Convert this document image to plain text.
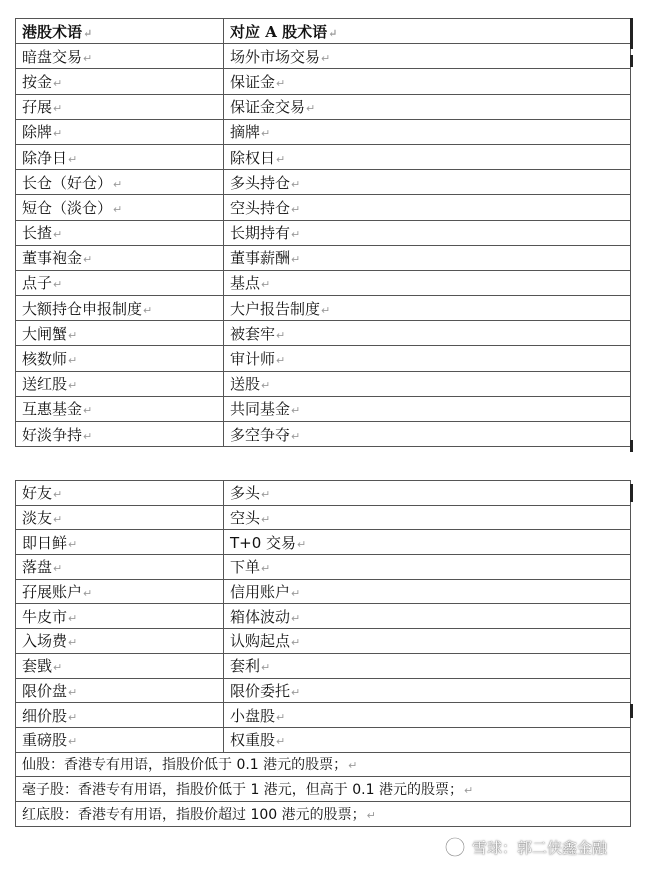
港股术语↵	对应 A 股术语↵
暗盘交易↵	场外市场交易↵
按金↵	保证金↵
孖展↵	保证金交易↵
除牌↵	摘牌↵
除净日↵	除权日↵
长仓（好仓）↵	多头持仓↵
短仓（淡仓）↵	空头持仓↵
长揸↵	长期持有↵
董事袍金↵	董事薪酬↵
点子↵	基点↵
大额持仓申报制度↵	大户报告制度↵
大闸蟹↵	被套牢↵
核数师↵	审计师↵
送红股↵	送股↵
互惠基金↵	共同基金↵
好淡争持↵	多空争夺↵
好友↵	多头↵
淡友↵	空头↵
即日鲜↵	T+0 交易↵
落盘↵	下单↵
孖展账户↵	信用账户↵
牛皮市↵	箱体波动↵
入场费↵	认购起点↵
套戥↵	套利↵
限价盘↵	限价委托↵
细价股↵	小盘股↵
重磅股↵	权重股↵
仙股：香港专有用语，指股价低于 0.1 港元的股票；↵	
毫子股：香港专有用语，指股价低于 1 港元，但高于 0.1 港元的股票；↵	
红底股：香港专有用语，指股价超过 100 港元的股票；↵	
雪球：郭二侠鑫金融
